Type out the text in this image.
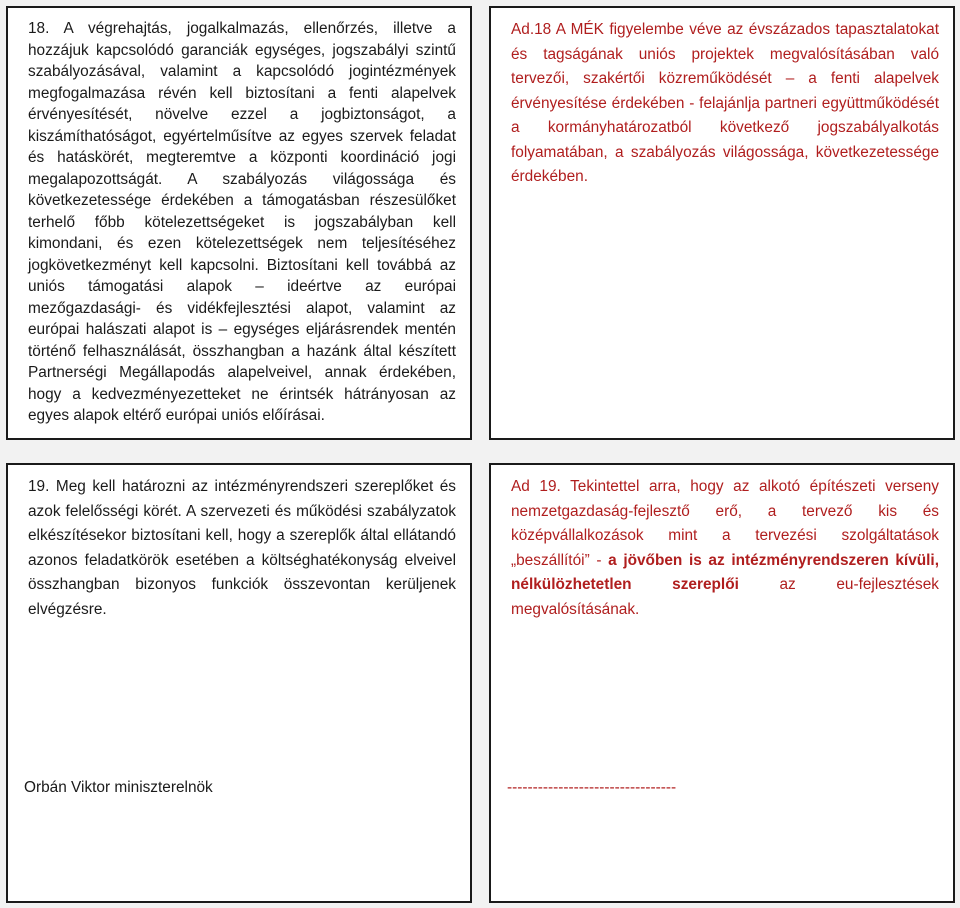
18. A végrehajtás, jogalkalmazás, ellenőrzés, illetve a hozzájuk kapcsolódó garanciák egységes, jogszabályi szintű szabályozásával, valamint a kapcsolódó jogintézmények megfogalmazása révén kell biztosítani a fenti alapelvek érvényesítését, növelve ezzel a jogbiztonságot, a kiszámíthatóságot, egyértelműsítve az egyes szervek feladat és hatáskörét, megteremtve a központi koordináció jogi megalapozottságát. A szabályozás világossága és következetessége érdekében a támogatásban részesülőket terhelő főbb kötelezettségeket is jogszabályban kell kimondani, és ezen kötelezettségek nem teljesítéséhez jogkövetkezményt kell kapcsolni. Biztosítani kell továbbá az uniós támogatási alapok – ideértve az európai mezőgazdasági- és vidékfejlesztési alapot, valamint az európai halászati alapot is – egységes eljárásrendek mentén történő felhasználását, összhangban a hazánk által készített Partnerségi Megállapodás alapelveivel, annak érdekében, hogy a kedvezményezetteket ne érintsék hátrányosan az egyes alapok eltérő európai uniós előírásai.

Ad.18 A MÉK figyelembe véve az évszázados tapasztalatokat és tagságának uniós projektek megvalósításában való tervezői, szakértői közreműködését – a fenti alapelvek érvényesítése érdekében - felajánlja partneri együttműködését a kormányhatározatból következő jogszabályalkotás folyamatában, a szabályozás világossága, következetessége érdekében.

19. Meg kell határozni az intézményrendszeri szereplőket és azok felelősségi körét. A szervezeti és működési szabályzatok elkészítésekor biztosítani kell, hogy a szereplők által ellátandó azonos feladatkörök esetében a költséghatékonyság elveivel összhangban bizonyos funkciók összevontan kerüljenek elvégzésre.

Orbán Viktor miniszterelnök

Ad 19. Tekintettel arra, hogy az alkotó építészeti verseny nemzetgazdaság-fejlesztő erő, a tervező kis és középvállalkozások mint a tervezési szolgáltatások „beszállítói” - a jövőben is az intézményrendszeren kívüli, nélkülözhetetlen szereplői az eu-fejlesztések megvalósításának.

---------------------------------
